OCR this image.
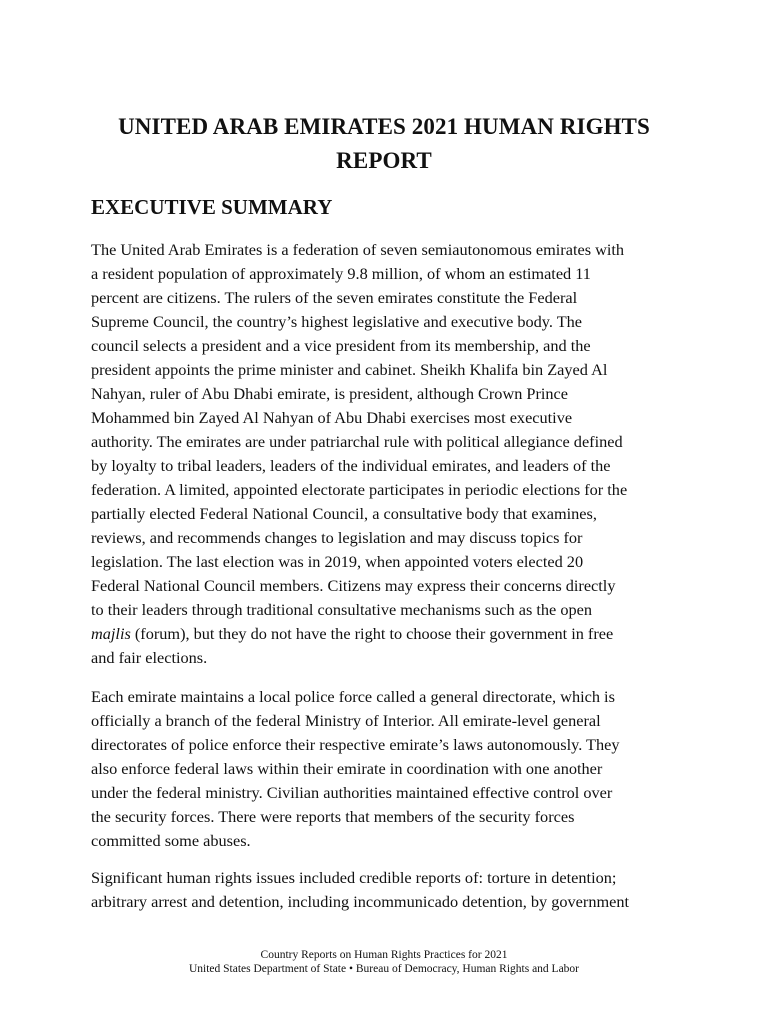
UNITED ARAB EMIRATES 2021 HUMAN RIGHTS
REPORT
EXECUTIVE SUMMARY

The United Arab Emirates is a federation of seven semiautonomous emirates with
a resident population of approximately 9.8 million, of whom an estimated 11
percent are citizens. The rulers of the seven emirates constitute the Federal
Supreme Council, the country’s highest legislative and executive body. The
council selects a president and a vice president from its membership, and the
president appoints the prime minister and cabinet. Sheikh Khalifa bin Zayed Al
Nahyan, ruler of Abu Dhabi emirate, is president, although Crown Prince
Mohammed bin Zayed Al Nahyan of Abu Dhabi exercises most executive
authority. The emirates are under patriarchal rule with political allegiance defined
by loyalty to tribal leaders, leaders of the individual emirates, and leaders of the
federation. A limited, appointed electorate participates in periodic elections for the
partially elected Federal National Council, a consultative body that examines,
reviews, and recommends changes to legislation and may discuss topics for
legislation. The last election was in 2019, when appointed voters elected 20
Federal National Council members. Citizens may express their concerns directly
to their leaders through traditional consultative mechanisms such as the open
majlis (forum), but they do not have the right to choose their government in free
and fair elections.

Each emirate maintains a local police force called a general directorate, which is
officially a branch of the federal Ministry of Interior. All emirate-level general
directorates of police enforce their respective emirate’s laws autonomously. They
also enforce federal laws within their emirate in coordination with one another
under the federal ministry. Civilian authorities maintained effective control over
the security forces. There were reports that members of the security forces
committed some abuses.

Significant human rights issues included credible reports of: torture in detention;
arbitrary arrest and detention, including incommunicado detention, by government

Country Reports on Human Rights Practices for 2021
United States Department of State • Bureau of Democracy, Human Rights and Labor
